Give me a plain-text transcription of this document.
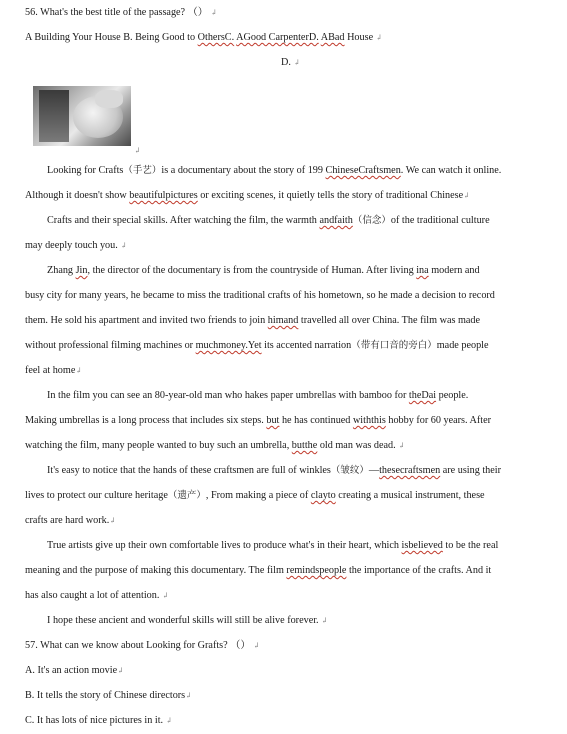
56. What's the best title of the passage? （） ↲
A Building Your House B. Being Good to OthersC. AGood CarpenterD. ABad House ↲
D. ↲
↲
Looking for Crafts（手艺）is a documentary about the story of 199 ChineseCraftsmen. We can watch it online.
Although it doesn't show beautifulpictures or exciting scenes, it quietly tells the story of traditional Chinese↲
Crafts and their special skills. After watching the film, the warmth andfaith（信念）of the traditional culture
may deeply touch you. ↲
Zhang Jin, the director of the documentary is from the countryside of Human. After living ina modern and
busy city for many years, he became to miss the traditional crafts of his hometown, so he made a decision to record
them. He sold his apartment and invited two friends to join himand travelled all over China. The film was made
without professional filming machines or muchmoney.Yet its accented narration（带有口音的旁白）made people
feel at home↲
In the film you can see an 80-year-old man who hakes paper umbrellas with bamboo for theDai people.
Making umbrellas is a long process that includes six steps. but he has continued withthis hobby for 60 years. After
watching the film, many people wanted to buy such an umbrella, butthe old man was dead. ↲
It's easy to notice that the hands of these craftsmen are full of winkles（皱纹）—thesecraftsmen are using their
lives to protect our culture heritage（遗产）, From making a piece of clayto creating a musical instrument, these
crafts are hard work.↲
True artists give up their own comfortable lives to produce what's in their heart, which isbelieved to be the real
meaning and the purpose of making this documentary. The film remindspeople the importance of the crafts. And it
has also caught a lot of attention. ↲
I hope these ancient and wonderful skills will still be alive forever. ↲
57. What can we know about Looking for Grafts? （） ↲
A. It's an action movie↲
B. It tells the story of Chinese directors↲
C. It has lots of nice pictures in it. ↲
